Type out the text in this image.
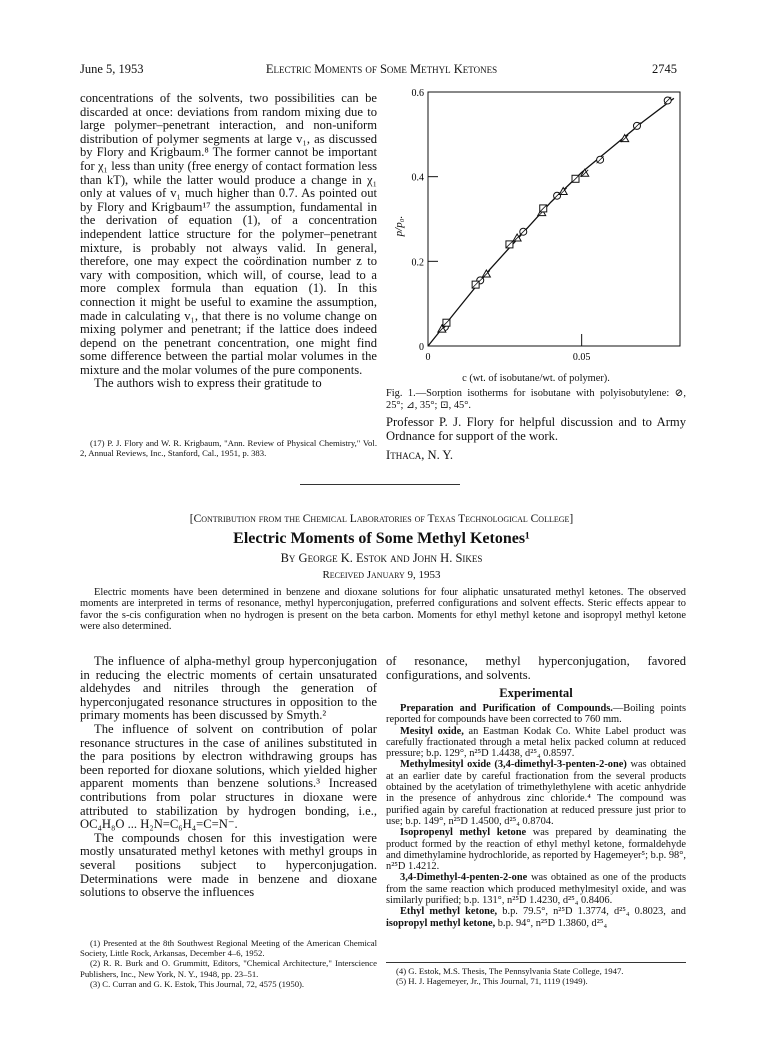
June 5, 1953	Electric Moments of Some Methyl Ketones	2745

concentrations of the solvents, two possibilities can be discarded at once: deviations from random mixing due to large polymer–penetrant interaction, and non-uniform distribution of polymer segments at large v₁, as discussed by Flory and Krigbaum.⁸ The former cannot be important for χ₁ less than unity (free energy of contact formation less than kT), while the latter would produce a change in χ₁ only at values of v₁ much higher than 0.7. As pointed out by Flory and Krigbaum¹⁷ the assumption, fundamental in the derivation of equation (1), of a concentration independent lattice structure for the polymer–penetrant mixture, is probably not always valid. In general, therefore, one may expect the coördination number z to vary with composition, which will, of course, lead to a more complex formula than equation (1). In this connection it might be useful to examine the assumption, made in calculating v₁, that there is no volume change on mixing polymer and penetrant; if the lattice does indeed depend on the penetrant concentration, one might find some difference between the partial molar volumes in the mixture and the molar volumes of the pure components.

The authors wish to express their gratitude to

(17) P. J. Flory and W. R. Krigbaum, "Ann. Review of Physical Chemistry," Vol. 2, Annual Reviews, Inc., Stanford, Cal., 1951, p. 383.

0
0.2
0.4
0.6
0	0.05
p/p₀.
c (wt. of isobutane/wt. of polymer).
Fig. 1.—Sorption isotherms for isobutane with polyisobutylene: ⊘, 25°; ⊿, 35°; ⊡, 45°.

Professor P. J. Flory for helpful discussion and to Army Ordnance for support of the work.

Ithaca, N. Y.

[Contribution from the Chemical Laboratories of Texas Technological College]
Electric Moments of Some Methyl Ketones¹
By George K. Estok and John H. Sikes
Received January 9, 1953
Electric moments have been determined in benzene and dioxane solutions for four aliphatic unsaturated methyl ketones. The observed moments are interpreted in terms of resonance, methyl hyperconjugation, preferred configurations and solvent effects. Steric effects appear to favor the s-cis configuration when no hydrogen is present on the beta carbon. Moments for ethyl methyl ketone and isopropyl methyl ketone were also determined.

The influence of alpha-methyl group hyperconjugation in reducing the electric moments of certain unsaturated aldehydes and nitriles through the generation of hyperconjugated resonance structures in opposition to the primary moments has been discussed by Smyth.²

The influence of solvent on contribution of polar resonance structures in the case of anilines substituted in the para positions by electron withdrawing groups has been reported for dioxane solutions, which yielded higher apparent moments than benzene solutions.³ Increased contributions from polar structures in dioxane were attributed to stabilization by hydrogen bonding, i.e., OC₄H₈O ... H₂N=C₆H₄=C=N⁻.

The compounds chosen for this investigation were mostly unsaturated methyl ketones with methyl groups in several positions subject to hyperconjugation. Determinations were made in benzene and dioxane solutions to observe the influences

(1) Presented at the 8th Southwest Regional Meeting of the American Chemical Society, Little Rock, Arkansas, December 4–6, 1952.

(2) R. R. Burk and O. Grummitt, Editors, "Chemical Architecture," Interscience Publishers, Inc., New York, N. Y., 1948, pp. 23–51.

(3) C. Curran and G. K. Estok, This Journal, 72, 4575 (1950).

of resonance, methyl hyperconjugation, favored configurations, and solvents.

Experimental

Preparation and Purification of Compounds.—Boiling points reported for compounds have been corrected to 760 mm.

Mesityl oxide, an Eastman Kodak Co. White Label product was carefully fractionated through a metal helix packed column at reduced pressure; b.p. 129°, n²⁵D 1.4438, d²⁵₄ 0.8597.

Methylmesityl oxide (3,4-dimethyl-3-penten-2-one) was obtained at an earlier date by careful fractionation from the several products obtained by the acetylation of trimethylethylene with acetic anhydride in the presence of anhydrous zinc chloride.⁴ The compound was purified again by careful fractionation at reduced pressure just prior to use; b.p. 149°, n²⁵D 1.4500, d²⁵₄ 0.8704.

Isopropenyl methyl ketone was prepared by deaminating the product formed by the reaction of ethyl methyl ketone, formaldehyde and dimethylamine hydrochloride, as reported by Hagemeyer⁵; b.p. 98°, n²⁵D 1.4212.

3,4-Dimethyl-4-penten-2-one was obtained as one of the products from the same reaction which produced methylmesityl oxide, and was similarly purified; b.p. 131°, n²⁵D 1.4230, d²⁵₄ 0.8406.

Ethyl methyl ketone, b.p. 79.5°, n²⁵D 1.3774, d²⁵₄ 0.8023, and isopropyl methyl ketone, b.p. 94°, n²⁵D 1.3860, d²⁵₄

(4) G. Estok, M.S. Thesis, The Pennsylvania State College, 1947.

(5) H. J. Hagemeyer, Jr., This Journal, 71, 1119 (1949).
